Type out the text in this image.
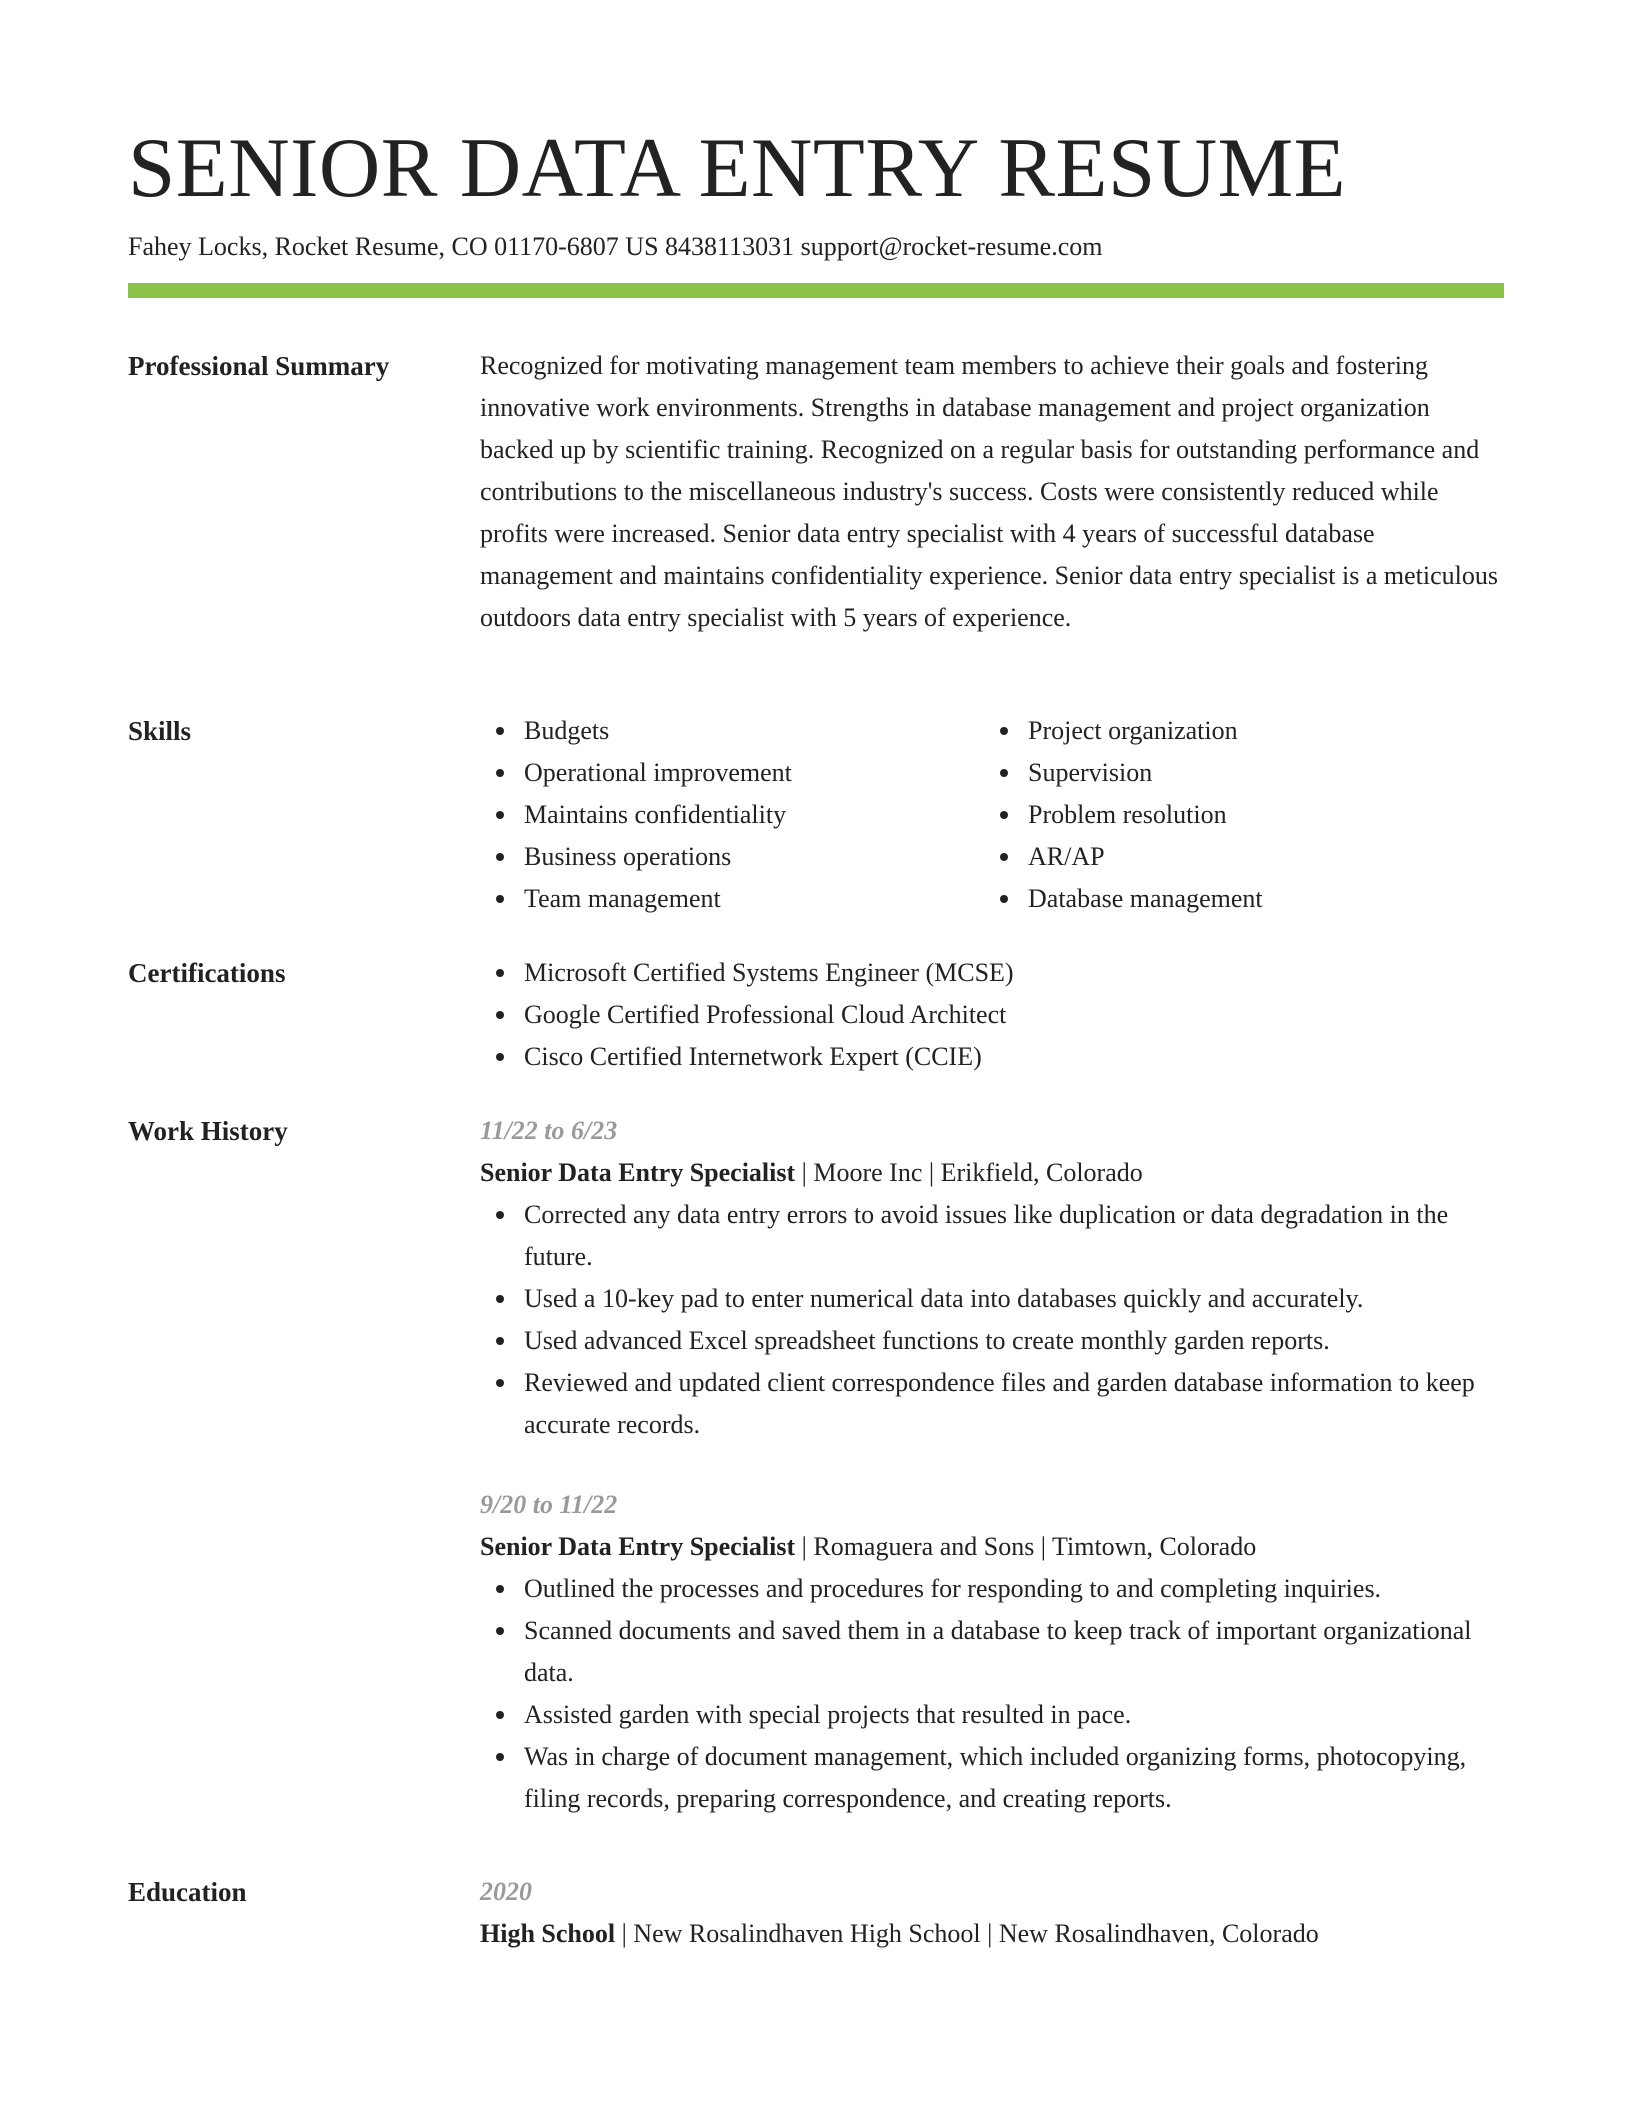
SENIOR DATA ENTRY RESUME
Fahey Locks, Rocket Resume, CO 01170-6807 US 8438113031 support@rocket-resume.com
Professional Summary	Recognized for motivating management team members to achieve their goals and fostering innovative work environments. Strengths in database management and project organization backed up by scientific training. Recognized on a regular basis for outstanding performance and contributions to the miscellaneous industry's success. Costs were consistently reduced while profits were increased. Senior data entry specialist with 4 years of successful database management and maintains confidentiality experience. Senior data entry specialist is a meticulous outdoors data entry specialist with 5 years of experience.

Skills	Budgets
Operational improvement
Maintains confidentiality
Business operations
Team management
Project organization
Supervision
Problem resolution
AR/AP
Database management
Certifications	Microsoft Certified Systems Engineer (MCSE)
Google Certified Professional Cloud Architect
Cisco Certified Internetwork Expert (CCIE)
Work History	11/22 to 6/23
Senior Data Entry Specialist | Moore Inc | Erikfield, Colorado
Corrected any data entry errors to avoid issues like duplication or data degradation in the future.
Used a 10-key pad to enter numerical data into databases quickly and accurately.
Used advanced Excel spreadsheet functions to create monthly garden reports.
Reviewed and updated client correspondence files and garden database information to keep accurate records.
9/20 to 11/22
Senior Data Entry Specialist | Romaguera and Sons | Timtown, Colorado
Outlined the processes and procedures for responding to and completing inquiries.
Scanned documents and saved them in a database to keep track of important organizational data.
Assisted garden with special projects that resulted in pace.
Was in charge of document management, which included organizing forms, photocopying, filing records, preparing correspondence, and creating reports.
Education	2020
High School | New Rosalindhaven High School | New Rosalindhaven, Colorado
